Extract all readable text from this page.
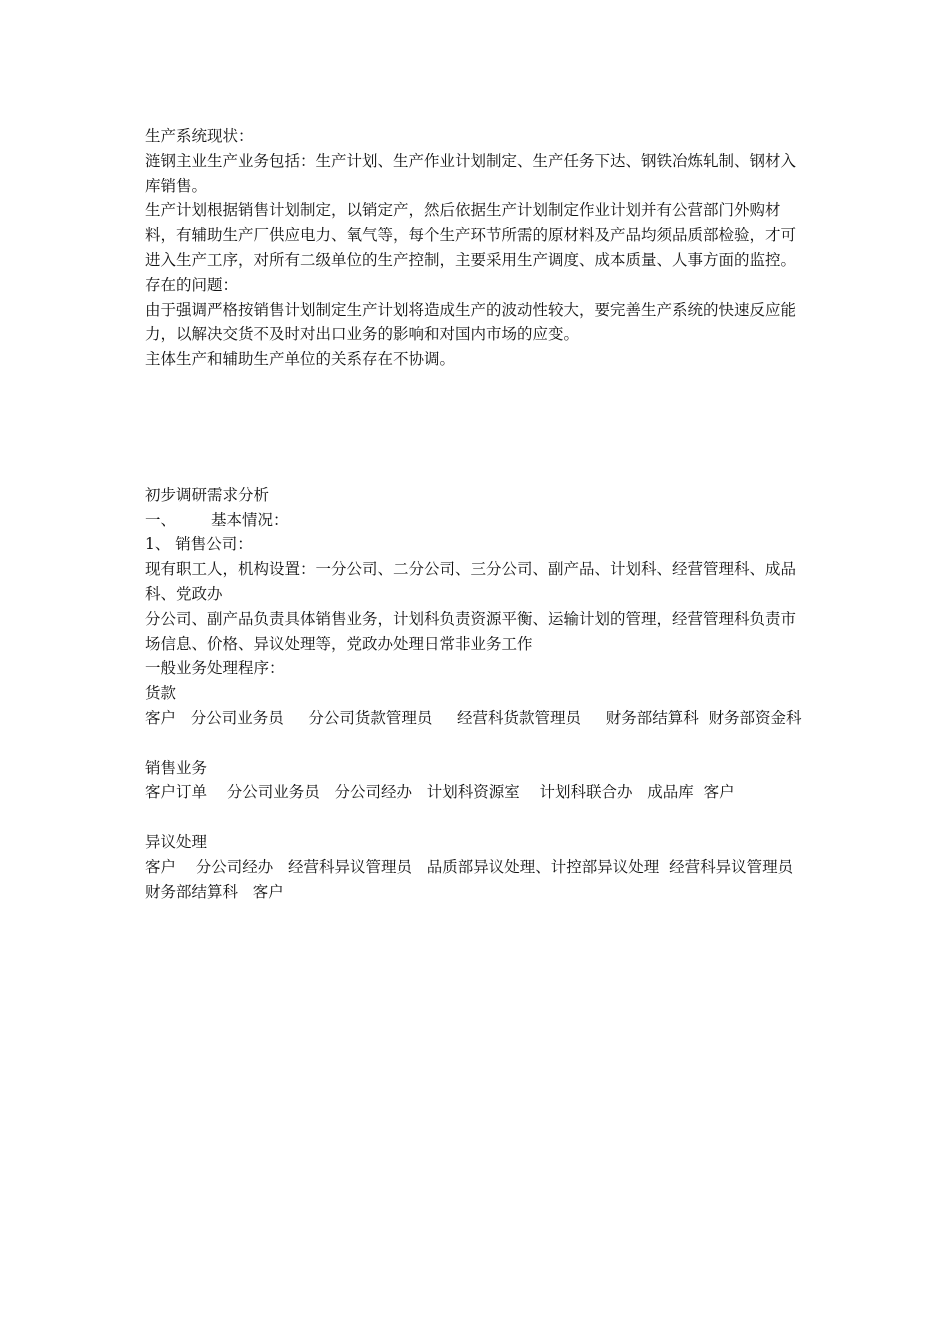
生产系统现状：

涟钢主业生产业务包括：生产计划、生产作业计划制定、生产任务下达、钢铁冶炼轧制、钢材入库销售。

生产计划根据销售计划制定，以销定产，然后依据生产计划制定作业计划并有公营部门外购材料，有辅助生产厂供应电力、氧气等，每个生产环节所需的原材料及产品均须品质部检验，才可进入生产工序，对所有二级单位的生产控制，主要采用生产调度、成本质量、人事方面的监控。

存在的问题：

由于强调严格按销售计划制定生产计划将造成生产的波动性较大，要完善生产系统的快速反应能力，以解决交货不及时对出口业务的影响和对国内市场的应变。

主体生产和辅助生产单位的关系存在不协调。

初步调研需求分析

一、	基本情况：

1、 销售公司：

现有职工人，机构设置：一分公司、二分公司、三分公司、副产品、计划科、经营管理科、成品科、党政办

分公司、副产品负责具体销售业务，计划科负责资源平衡、运输计划的管理，经营管理科负责市场信息、价格、异议处理等，党政办处理日常非业务工作

一般业务处理程序：

货款

客户   分公司业务员     分公司货款管理员     经营科货款管理员     财务部结算科  财务部资金科

销售业务

客户订单    分公司业务员   分公司经办   计划科资源室    计划科联合办   成品库  客户

异议处理

客户    分公司经办   经营科异议管理员   品质部异议处理、计控部异议处理  经营科异议管理员  财务部结算科   客户
